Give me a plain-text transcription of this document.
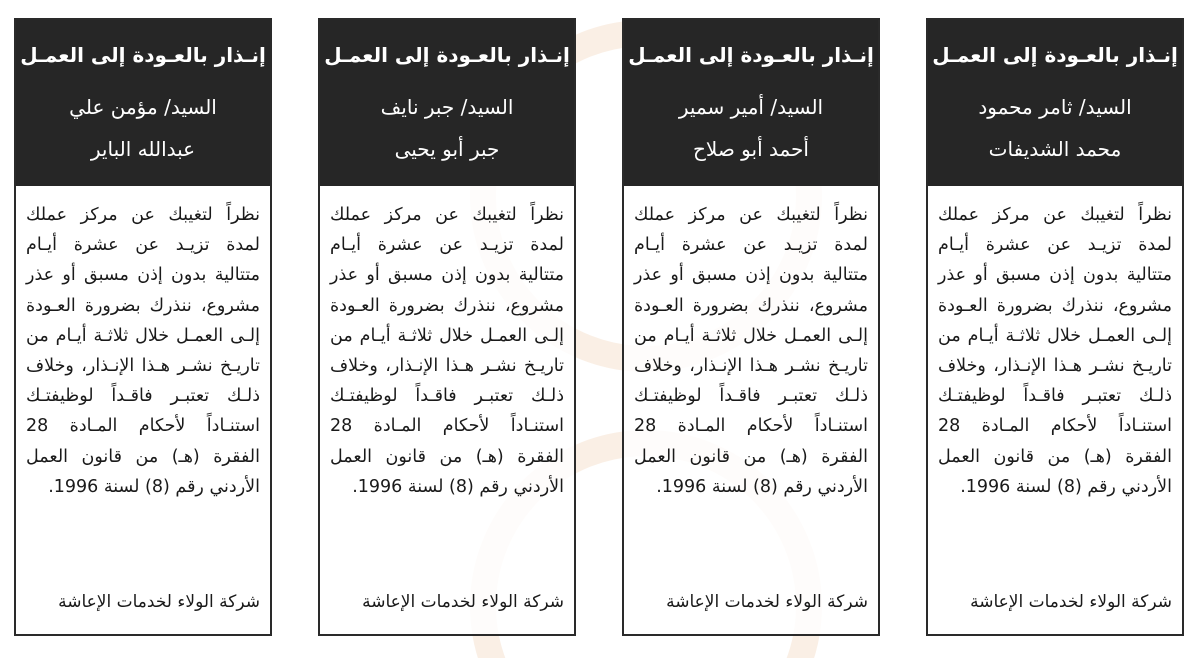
إنـذار بالعـودة إلى العمـل
السيد/ ثامر محمود
محمد الشديفات
نظراً لتغيبك عن مركز عملك لمدة تزيـد عن عشرة أيـام متتالية بدون إذن مسبق أو عذر مشروع، ننذرك بضرورة العـودة إلـى العمـل خلال ثلاثـة أيـام من تاريـخ نشـر هـذا الإنـذار، وخلاف ذلـك تعتبـر فاقـداً لوظيفتـك استنـاداً لأحكام المـادة 28 الفقرة (هـ) من قانون العمل الأردني رقم (8) لسنة 1996.
شركة الولاء لخدمات الإعاشة
إنـذار بالعـودة إلى العمـل
السيد/ أمير سمير
أحمد أبو صلاح
نظراً لتغيبك عن مركز عملك لمدة تزيـد عن عشرة أيـام متتالية بدون إذن مسبق أو عذر مشروع، ننذرك بضرورة العـودة إلـى العمـل خلال ثلاثـة أيـام من تاريـخ نشـر هـذا الإنـذار، وخلاف ذلـك تعتبـر فاقـداً لوظيفتـك استنـاداً لأحكام المـادة 28 الفقرة (هـ) من قانون العمل الأردني رقم (8) لسنة 1996.
شركة الولاء لخدمات الإعاشة
إنـذار بالعـودة إلى العمـل
السيد/ جبر نايف
جبر أبو يحيى
نظراً لتغيبك عن مركز عملك لمدة تزيـد عن عشرة أيـام متتالية بدون إذن مسبق أو عذر مشروع، ننذرك بضرورة العـودة إلـى العمـل خلال ثلاثـة أيـام من تاريـخ نشـر هـذا الإنـذار، وخلاف ذلـك تعتبـر فاقـداً لوظيفتـك استنـاداً لأحكام المـادة 28 الفقرة (هـ) من قانون العمل الأردني رقم (8) لسنة 1996.
شركة الولاء لخدمات الإعاشة
إنـذار بالعـودة إلى العمـل
السيد/ مؤمن علي
عبدالله الباير
نظراً لتغيبك عن مركز عملك لمدة تزيـد عن عشرة أيـام متتالية بدون إذن مسبق أو عذر مشروع، ننذرك بضرورة العـودة إلـى العمـل خلال ثلاثـة أيـام من تاريـخ نشـر هـذا الإنـذار، وخلاف ذلـك تعتبـر فاقـداً لوظيفتـك استنـاداً لأحكام المـادة 28 الفقرة (هـ) من قانون العمل الأردني رقم (8) لسنة 1996.
شركة الولاء لخدمات الإعاشة
